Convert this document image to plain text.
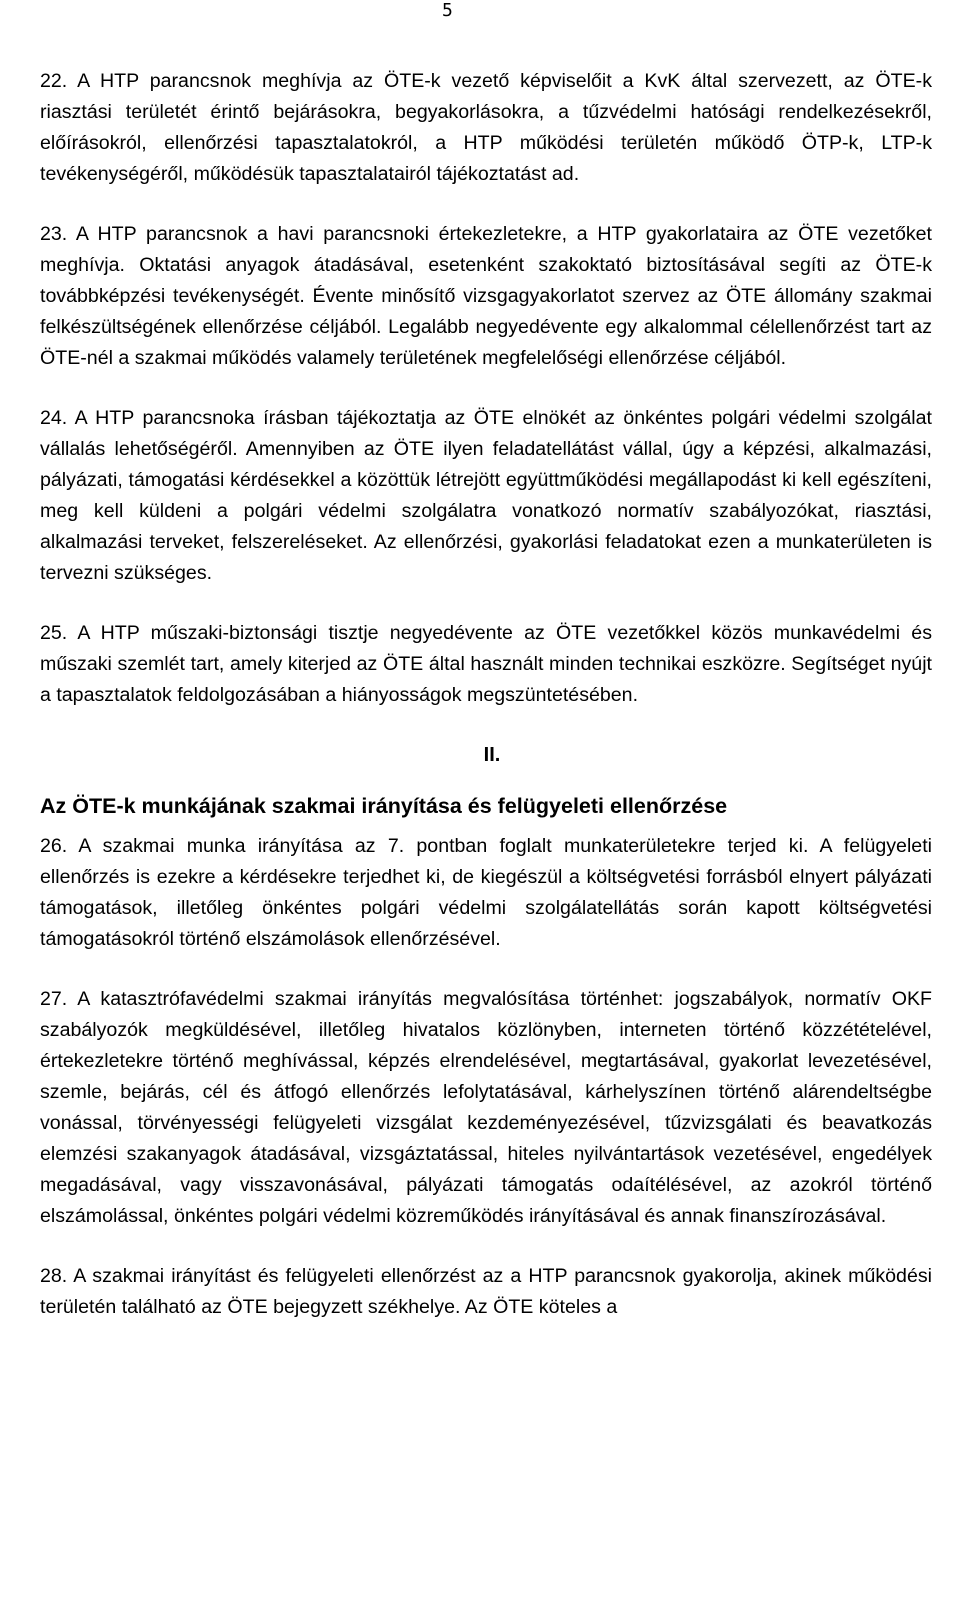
5
22. A HTP parancsnok meghívja az ÖTE-k vezető képviselőit a KvK által szervezett, az ÖTE-k riasztási területét érintő bejárásokra, begyakorlásokra, a tűzvédelmi hatósági rendelkezésekről, előírásokról, ellenőrzési tapasztalatokról, a HTP működési területén működő ÖTP-k, LTP-k tevékenységéről, működésük tapasztalatairól tájékoztatást ad.
23. A HTP parancsnok a havi parancsnoki értekezletekre, a HTP gyakorlataira az ÖTE vezetőket meghívja. Oktatási anyagok átadásával, esetenként szakoktató biztosításával segíti az ÖTE-k továbbképzési tevékenységét. Évente minősítő vizsgagyakorlatot szervez az ÖTE állomány szakmai felkészültségének ellenőrzése céljából. Legalább negyedévente egy alkalommal célellenőrzést tart az ÖTE-nél a szakmai működés valamely területének megfelelőségi ellenőrzése céljából.
24. A HTP parancsnoka írásban tájékoztatja az ÖTE elnökét az önkéntes polgári védelmi szolgálat vállalás lehetőségéről. Amennyiben az ÖTE ilyen feladatellátást vállal, úgy a képzési, alkalmazási, pályázati, támogatási kérdésekkel a közöttük létrejött együttműködési megállapodást ki kell egészíteni, meg kell küldeni a polgári védelmi szolgálatra vonatkozó normatív szabályozókat, riasztási, alkalmazási terveket, felszereléseket. Az ellenőrzési, gyakorlási feladatokat ezen a munkaterületen is tervezni szükséges.
25. A HTP műszaki-biztonsági tisztje negyedévente az ÖTE vezetőkkel közös munkavédelmi és műszaki szemlét tart, amely kiterjed az ÖTE által használt minden technikai eszközre. Segítséget nyújt a tapasztalatok feldolgozásában a hiányosságok megszüntetésében.
II.
Az ÖTE-k munkájának szakmai irányítása és felügyeleti ellenőrzése
26. A szakmai munka irányítása az 7. pontban foglalt munkaterületekre terjed ki. A felügyeleti ellenőrzés is ezekre a kérdésekre terjedhet ki, de kiegészül a költségvetési forrásból elnyert pályázati támogatások, illetőleg önkéntes polgári védelmi szolgálatellátás során kapott költségvetési támogatásokról történő elszámolások ellenőrzésével.
27. A katasztrófavédelmi szakmai irányítás megvalósítása történhet: jogszabályok, normatív OKF szabályozók megküldésével, illetőleg hivatalos közlönyben, interneten történő közzétételével, értekezletekre történő meghívással, képzés elrendelésével, megtartásával, gyakorlat levezetésével, szemle, bejárás, cél és átfogó ellenőrzés lefolytatásával, kárhelyszínen történő alárendeltségbe vonással, törvényességi felügyeleti vizsgálat kezdeményezésével, tűzvizsgálati és beavatkozás elemzési szakanyagok átadásával, vizsgáztatással, hiteles nyilvántartások vezetésével, engedélyek megadásával, vagy visszavonásával, pályázati támogatás odaítélésével, az azokról történő elszámolással, önkéntes polgári védelmi közreműködés irányításával és annak finanszírozásával.
28. A szakmai irányítást és felügyeleti ellenőrzést az a HTP parancsnok gyakorolja, akinek működési területén található az ÖTE bejegyzett székhelye. Az ÖTE köteles a
